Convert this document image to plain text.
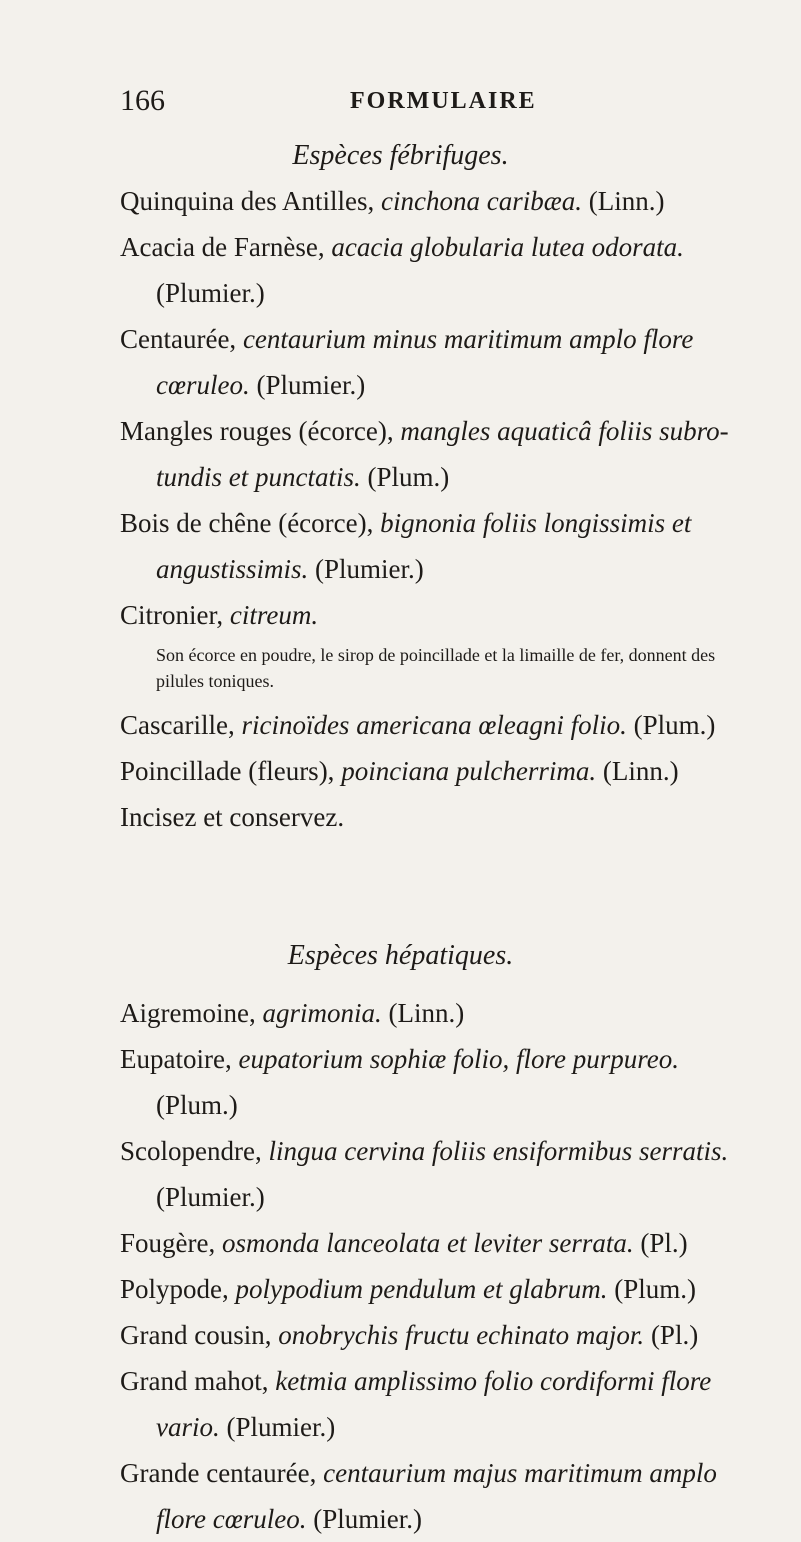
166	FORMULAIRE
Espèces fébrifuges.
Quinquina des Antilles, cinchona caribæa. (Linn.)
Acacia de Farnèse, acacia globularia lutea odorata.
(Plumier.)
Centaurée, centaurium minus maritimum amplo flore
cœruleo. (Plumier.)
Mangles rouges (écorce), mangles aquaticâ foliis subro-
tundis et punctatis. (Plum.)
Bois de chêne (écorce), bignonia foliis longissimis et
angustissimis. (Plumier.)
Citronier, citreum.
Son écorce en poudre, le sirop de poincillade et la limaille de fer, donnent des pilules toniques.
Cascarille, ricinoïdes americana œleagni folio. (Plum.)
Poincillade (fleurs), poinciana pulcherrima. (Linn.)
Incisez et conservez.
Espèces hépatiques.
Aigremoine, agrimonia. (Linn.)
Eupatoire, eupatorium sophiæ folio, flore purpureo.
(Plum.)
Scolopendre, lingua cervina foliis ensiformibus serratis.
(Plumier.)
Fougère, osmonda lanceolata et leviter serrata. (Pl.)
Polypode, polypodium pendulum et glabrum. (Plum.)
Grand cousin, onobrychis fructu echinato major. (Pl.)
Grand mahot, ketmia amplissimo folio cordiformi flore
vario. (Plumier.)
Grande centaurée, centaurium majus maritimum amplo
flore cœruleo. (Plumier.)
